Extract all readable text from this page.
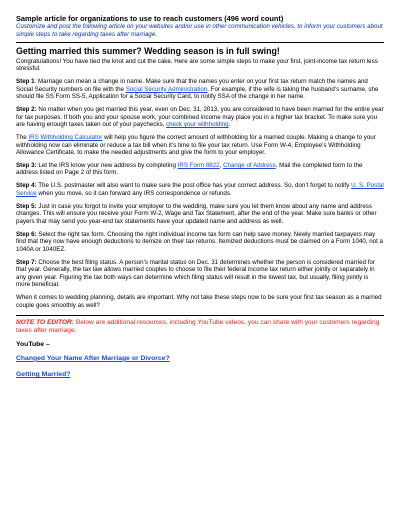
Sample article for organizations to use to reach customers (496 word count)
Customize and post the following article on your websites and/or use in other communication vehicles, to inform your customers about simple steps to take regarding taxes after marriage.
Getting married this summer? Wedding season is in full swing!

Congratulations! You have tied the knot and cut the cake. Here are some simple steps to make your first, joint-income tax return less stressful.

Step 1: Marriage can mean a change in name. Make sure that the names you enter on your first tax return match the names and Social Security numbers on file with the Social Security Administration. For example, if the wife is taking the husband’s surname, she should file SS Form SS-5, Application for a Social Security Card, to notify SSA of the change in her name.

Step 2: No matter when you get married this year, even on Dec. 31, 2013, you are considered to have been married for the entire year for tax purposes. If both you and your spouse work, your combined income may place you in a higher tax bracket. To make sure you are having enough taxes taken out of your paychecks, check your withholding.

The IRS Withholding Calculator will help you figure the correct amount of withholding for a married couple. Making a change to your withholding now can eliminate or reduce a tax bill when it’s time to file your tax return. Use Form W-4, Employee’s Withholding Allowance Certificate, to make the needed adjustments and give the form to your employer.

Step 3: Let the IRS know your new address by completing IRS Form 8822, Change of Address. Mail the completed form to the address listed on Page 2 of this form.

Step 4: The U.S. postmaster will also want to make sure the post office has your correct address. So, don’t forget to notify U. S. Postal Service when you move, so it can forward any IRS correspondence or refunds.

Step 5: Just in case you forgot to invite your employer to the wedding, make sure you let them know about any name and address changes. This will ensure you receive your Form W-2, Wage and Tax Statement, after the end of the year. Make sure banks or other payers that may send you year-end tax statements have your updated name and address as well.

Step 6: Select the right tax form. Choosing the right individual income tax form can help save money. Newly married taxpayers may find that they now have enough deductions to itemize on their tax returns. Itemized deductions must be claimed on a Form 1040, not a 1040A or 1040EZ.

Step 7: Choose the best filing status. A person’s marital status on Dec. 31 determines whether the person is considered married for that year. Generally, the tax law allows married couples to choose to file their federal income tax return either jointly or separately in any given year. Figuring the tax both ways can determine which filing status will result in the lowest tax, but usually, filing jointly is more beneficial.

When it comes to wedding planning, details are important. Why not take these steps now to be sure your first tax season as a married couple goes smoothly as well?

NOTE TO EDITOR: Below are additional resources, including YouTube videos, you can share with your customers regarding taxes after marriage.
YouTube –
Changed Your Name After Marriage or Divorce?
Getting Married?
